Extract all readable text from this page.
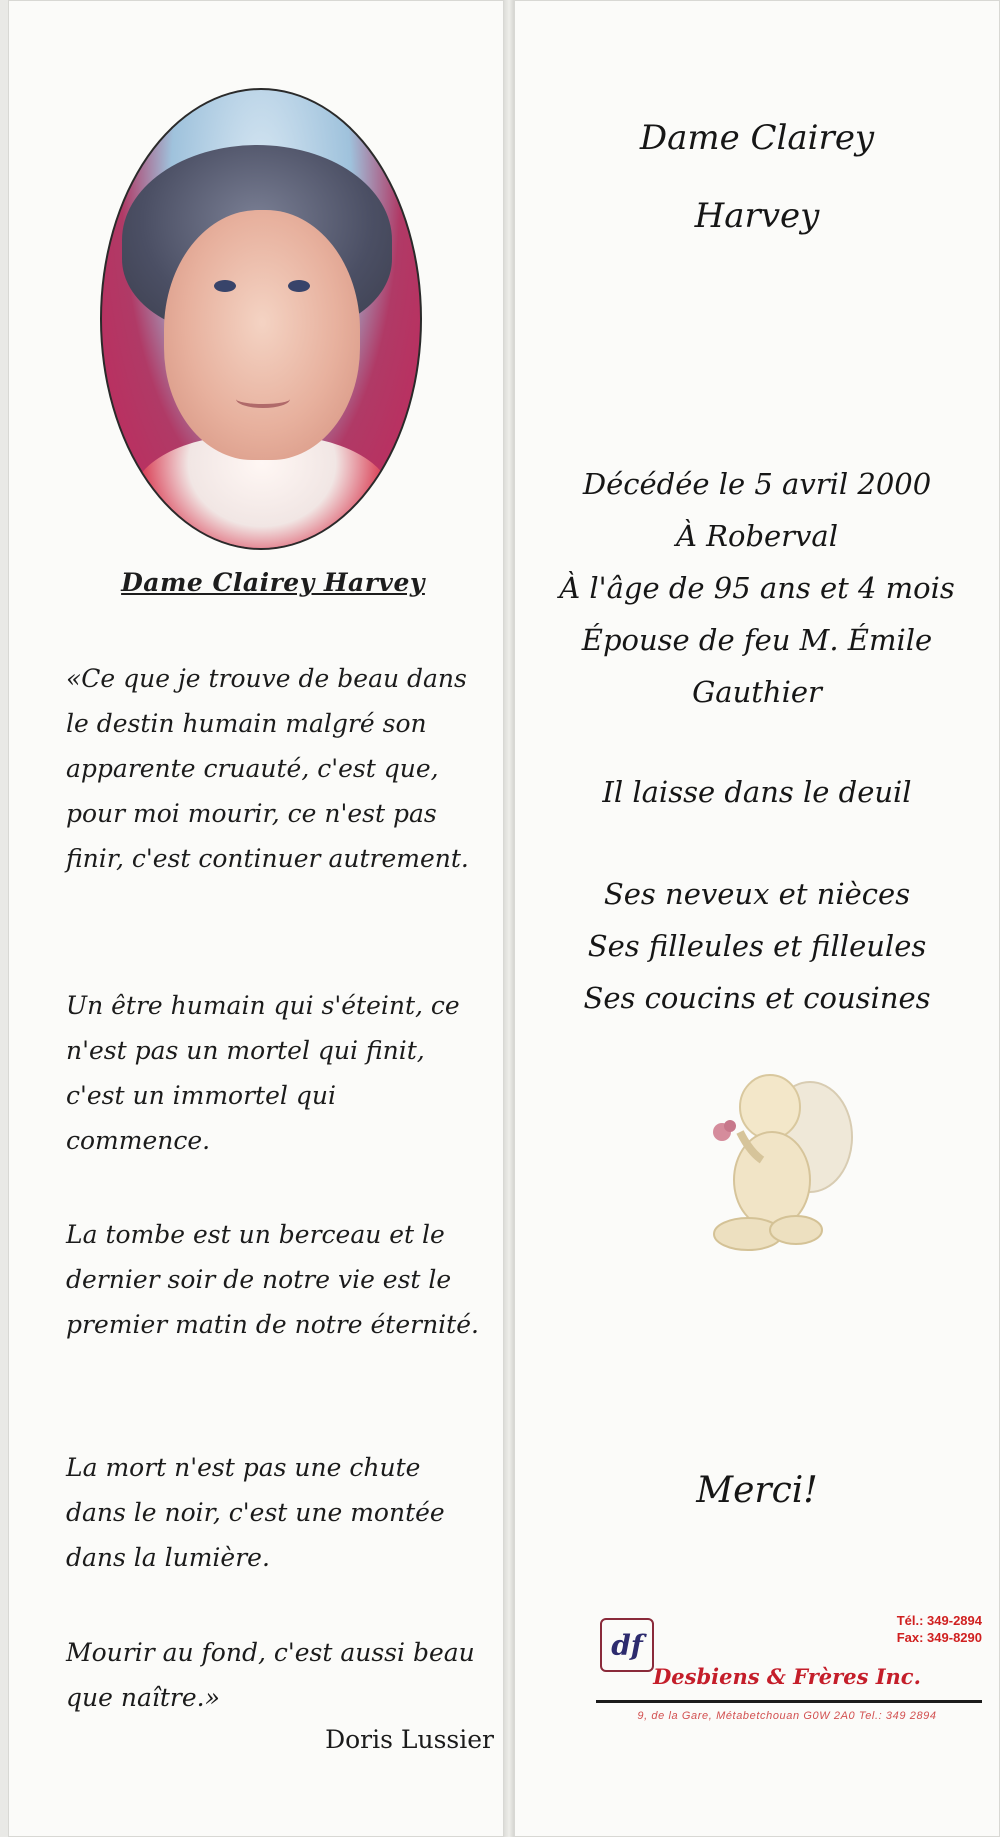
Dame Clairey Harvey

«Ce que je trouve de beau dans le destin humain malgré son apparente cruauté, c'est que, pour moi mourir, ce n'est pas finir, c'est continuer autrement.

Un être humain qui s'éteint, ce n'est pas un mortel qui finit, c'est un immortel qui commence.

La tombe est un berceau et le dernier soir de notre vie est le premier matin de notre éternité.

La mort n'est pas une chute dans le noir, c'est une montée dans la lumière.

Mourir au fond, c'est aussi beau que naître.»

Doris Lussier
Dame Clairey
Harvey
Décédée le 5 avril 2000
À Roberval
À l'âge de 95 ans et 4 mois
Épouse de feu M. Émile
Gauthier
Il laisse dans le deuil
Ses neveux et nièces
Ses filleules et filleules
Ses coucins et cousines
Merci!
df
Tél.: 349-2894
Fax: 349-8290
Desbiens & Frères Inc.
9, de la Gare, Métabetchouan G0W 2A0 Tel.: 349 2894
